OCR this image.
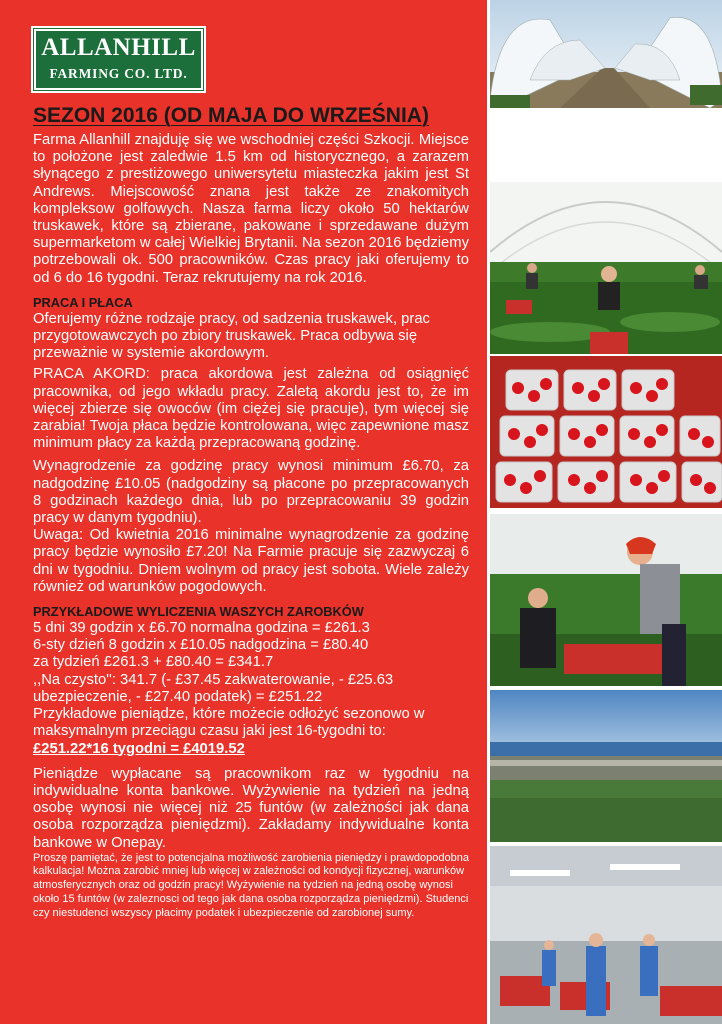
ALLANHILL
FARMING CO. LTD.
SEZON 2016 (OD MAJA DO WRZEŚNIA)

Farma Allanhill znajduję się we wschodniej części Szkocji. Miejsce to położone jest zaledwie 1.5 km od historycznego, a zarazem słynącego z prestiżowego uniwersytetu miasteczka jakim jest St Andrews. Miejscowość znana jest także ze znakomitych kompleksow golfowych. Nasza farma liczy około 50 hektarów truskawek, które są zbierane, pakowane i sprzedawane dużym supermarketom w całej Wielkiej Brytanii. Na sezon 2016 będziemy potrzebowali ok. 500 pracowników. Czas pracy jaki oferujemy to od 6 do 16 tygodni. Teraz rekrutujemy na rok 2016.

PRACA I PŁACA

Oferujemy różne rodzaje pracy, od sadzenia truskawek, prac przygotowawczych po zbiory truskawek. Praca odbywa się przeważnie w systemie akordowym.

PRACA AKORD: praca akordowa jest zależna od osiągnięć pracownika, od jego wkładu pracy. Zaletą akordu jest to, że im więcej zbierze się owoców (im ciężej się pracuje), tym więcej się zarabia! Twoja płaca będzie kontrolowana, więc zapewnione masz minimum płacy za każdą przepracowaną godzinę.

Wynagrodzenie za godzinę pracy wynosi minimum £6.70, za nadgodzinę £10.05 (nadgodziny są płacone po przepracowanych 8 godzinach każdego dnia, lub po przepracowaniu 39 godzin pracy w danym tygodniu).

Uwaga: Od kwietnia 2016 minimalne wynagrodzenie za godzinę pracy będzie wynosiło £7.20! Na Farmie pracuje się zazwyczaj 6 dni w tygodniu. Dniem wolnym od pracy jest sobota. Wiele zależy również od warunków pogodowych.

PRZYKŁADOWE WYLICZENIA WASZYCH ZAROBKÓW

5 dni 39 godzin x £6.70 normalna godzina = £261.3

6-sty dzień 8 godzin x £10.05 nadgodzina = £80.40

za tydzień £261.3 + £80.40 = £341.7

,,Na czysto'': 341.7 (- £37.45 zakwaterowanie, - £25.63 ubezpieczenie, - £27.40 podatek) = £251.22

Przykładowe pieniądze, które możecie odłożyć sezonowo w maksymalnym przeciągu czasu jaki jest 16-tygodni to:

£251.22*16 tygodni = £4019.52

Pieniądze wypłacane są pracownikom raz w tygodniu na indywidualne konta bankowe. Wyżywienie na tydzień na jedną osobę wynosi nie więcej niż 25 funtów (w zależności jak dana osoba rozporządza pieniędzmi). Zakładamy indywidualne konta bankowe w Onepay.

Proszę pamiętać, że jest to potencjalna możliwość zarobienia pieniędzy i prawdopodobna kalkulacja! Można zarobić mniej lub więcej w zależności od kondycji fizycznej, warunków atmosferycznych oraz od godzin pracy! Wyżywienie na tydzień na jedną osobę wynosi około 15 funtów (w zaleznosci od tego jak dana osoba rozporządza pieniędzmi). Studenci czy niestudenci wszyscy płacimy podatek i ubezpieczenie od zarobionej sumy.
